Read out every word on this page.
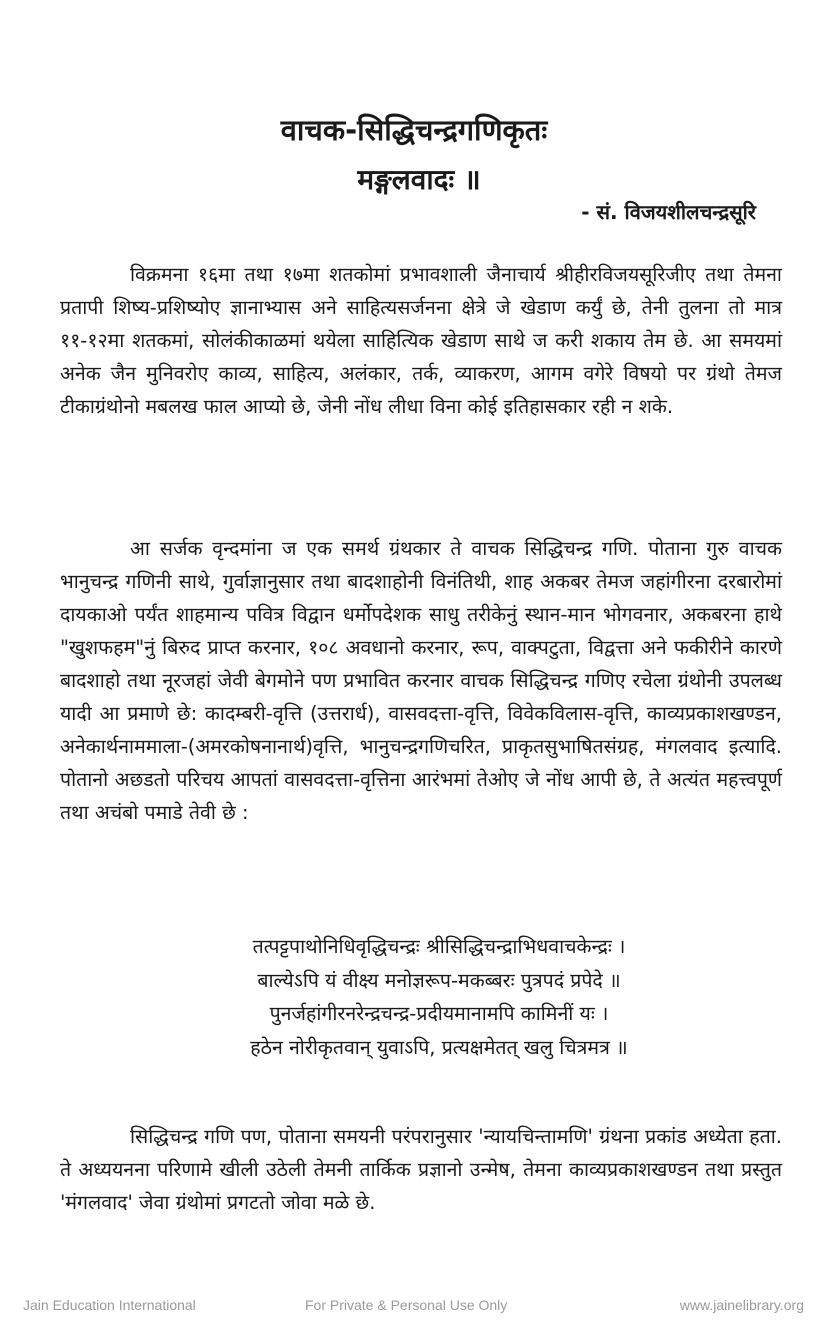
वाचक-सिद्धिचन्द्रगणिकृतः
मङ्गलवादः ॥
- सं. विजयशीलचन्द्रसूरि

विक्रमना १६मा तथा १७मा शतकोमां प्रभावशाली जैनाचार्य श्रीहीरविजयसूरिजीए तथा तेमना प्रतापी शिष्य-प्रशिष्योए ज्ञानाभ्यास अने साहित्यसर्जनना क्षेत्रे जे खेडाण कर्युं छे, तेनी तुलना तो मात्र ११-१२मा शतकमां, सोलंकीकाळमां थयेला साहित्यिक खेडाण साथे ज करी शकाय तेम छे. आ समयमां अनेक जैन मुनिवरोए काव्य, साहित्य, अलंकार, तर्क, व्याकरण, आगम वगेरे विषयो पर ग्रंथो तेमज टीकाग्रंथोनो मबलख फाल आप्यो छे, जेनी नोंध लीधा विना कोई इतिहासकार रही न शके.

आ सर्जक वृन्दमांना ज एक समर्थ ग्रंथकार ते वाचक सिद्धिचन्द्र गणि. पोताना गुरु वाचक भानुचन्द्र गणिनी साथे, गुर्वाज्ञानुसार तथा बादशाहोनी विनंतिथी, शाह अकबर तेमज जहांगीरना दरबारोमां दायकाओ पर्यंत शाहमान्य पवित्र विद्वान धर्मोपदेशक साधु तरीकेनुं स्थान-मान भोगवनार, अकबरना हाथे "खुशफहम"नुं बिरुद प्राप्त करनार, १०८ अवधानो करनार, रूप, वाक्पटुता, विद्वत्ता अने फकीरीने कारणे बादशाहो तथा नूरजहां जेवी बेगमोने पण प्रभावित करनार वाचक सिद्धिचन्द्र गणिए रचेला ग्रंथोनी उपलब्ध यादी आ प्रमाणे छे: कादम्बरी-वृत्ति (उत्तरार्ध), वासवदत्ता-वृत्ति, विवेकविलास-वृत्ति, काव्यप्रकाशखण्डन, अनेकार्थनाममाला-(अमरकोषनानार्थ)वृत्ति, भानुचन्द्रगणिचरित, प्राकृतसुभाषितसंग्रह, मंगलवाद इत्यादि. पोतानो अछडतो परिचय आपतां वासवदत्ता-वृत्तिना आरंभमां तेओए जे नोंध आपी छे, ते अत्यंत महत्त्वपूर्ण तथा अचंबो पमाडे तेवी छे :

तत्पट्टपाथोनिधिवृद्धिचन्द्रः श्रीसिद्धिचन्द्राभिधवाचकेन्द्रः ।
बाल्येऽपि यं वीक्ष्य मनोज्ञरूप-मकब्बरः पुत्रपदं प्रपेदे ॥
पुनर्जहांगीरनरेन्द्रचन्द्र-प्रदीयमानामपि कामिनीं यः ।
हठेन नोरीकृतवान् युवाऽपि, प्रत्यक्षमेतत् खलु चित्रमत्र ॥

सिद्धिचन्द्र गणि पण, पोताना समयनी परंपरानुसार 'न्यायचिन्तामणि' ग्रंथना प्रकांड अध्येता हता. ते अध्ययनना परिणामे खीली उठेली तेमनी तार्किक प्रज्ञानो उन्मेष, तेमना काव्यप्रकाशखण्डन तथा प्रस्तुत 'मंगलवाद' जेवा ग्रंथोमां प्रगटतो जोवा मळे छे.

Jain Education International	For Private & Personal Use Only	www.jainelibrary.org
